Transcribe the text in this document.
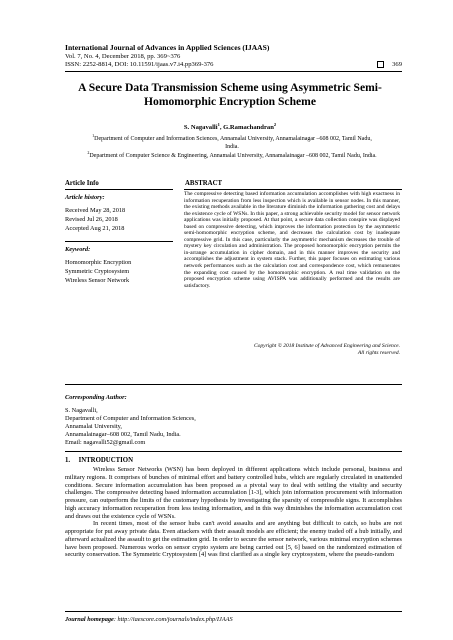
International Journal of Advances in Applied Sciences (IJAAS)
Vol. 7, No. 4, December 2018, pp. 369~376
ISSN: 2252-8814, DOI: 10.11591/ijaas.v7.i4.pp369-376	369
A Secure Data Transmission Scheme using Asymmetric Semi-
Homomorphic Encryption Scheme
S. Nagavalli$^1$, G.Ramachandran$^2$
$^1$Department of Computer and Information Sciences, Annamalai University, Annamalainagar –608 002, Tamil Nadu,
India.
$^2$Department of Computer Science & Engineering, Annamalai University, Annamalainagar –608 002, Tamil Nadu, India.
Article Info	ABSTRACT
Article history:
Received May 28, 2018
Revised Jul 26, 2018
Accepted Aug 21, 2018
Keyword:
Homomorphic Encryption
Symmetric Cryptosystem
Wireless Sensor Network
The compressive detecting based information accumulation accomplishes with high exactness in information recuperation from less inspection which is available in sensor nodes. In this manner, the existing methods available in the literature diminish the information gathering cost and delays the existence cycle of WSNs. In this paper, a strong achievable security model for sensor network applications was initially proposed. At that point, a secure data collection conspire was displayed based on compressive detecting, which improves the information protection by the asymmetric semi-homomorphic encryption scheme, and decreases the calculation cost by inadequate compressive grid. In this case, particularly the asymmetric mechanism decreases the trouble of mystery key circulation and administration. The proposed homomorphic encryption permits the in-arrange accumulation in cipher domain, and in this manner improves the security and accomplishes the adjustment in system stack. Further, this paper focuses on estimating various network performances such as the calculation cost and correspondence cost, which remunerates the expanding cost caused by the homomorphic encryption. A real time validation on the proposed encryption scheme using AVISPA was additionally performed and the results are satisfactory.
Copyright © 2018 Institute of Advanced Engineering and Science.
All rights reserved.
Corresponding Author:
S. Nagavalli,
Department of Computer and Information Sciences,
Annamalai University,
Annamalainagar–608 002, Tamil Nadu, India.
Email: nagavalli52@gmail.com
1.     INTRODUCTION

Wireless Sensor Networks (WSN) has been deployed in different applications which include personal, business and military regions. It comprises of bunches of minimal effort and battery controlled hubs, which are regularly circulated in unattended conditions. Secure information accumulation has been proposed as a pivotal way to deal with settling the vitality and security challenges. The compressive detecting based information accumulation [1-3], which join information procurement with information pressure, can outperform the limits of the customary hypothesis by investigating the sparsity of compressible signs. It accomplishes high accuracy information recuperation from less testing information, and in this way diminishes the information accumulation cost and draws out the existence cycle of WSNs.

In recent times, most of the sensor hubs can't avoid assaults and are anything but difficult to catch, so hubs are not appropriate for put away private data. Even attackers with their assault models are efficient; the enemy traded off a hub initially, and afterward actualized the assault to get the estimation grid. In order to secure the sensor network, various minimal encryption schemes have been proposed. Numerous works on sensor crypto system are being carried out [5, 6] based on the randomized estimation of security conservation. The Symmetric Cryptosystem [4] was first clarified as a single key cryptosystem, where the pseudo-random

Journal homepage: http://iaescore.com/journals/index.php/IJAAS
